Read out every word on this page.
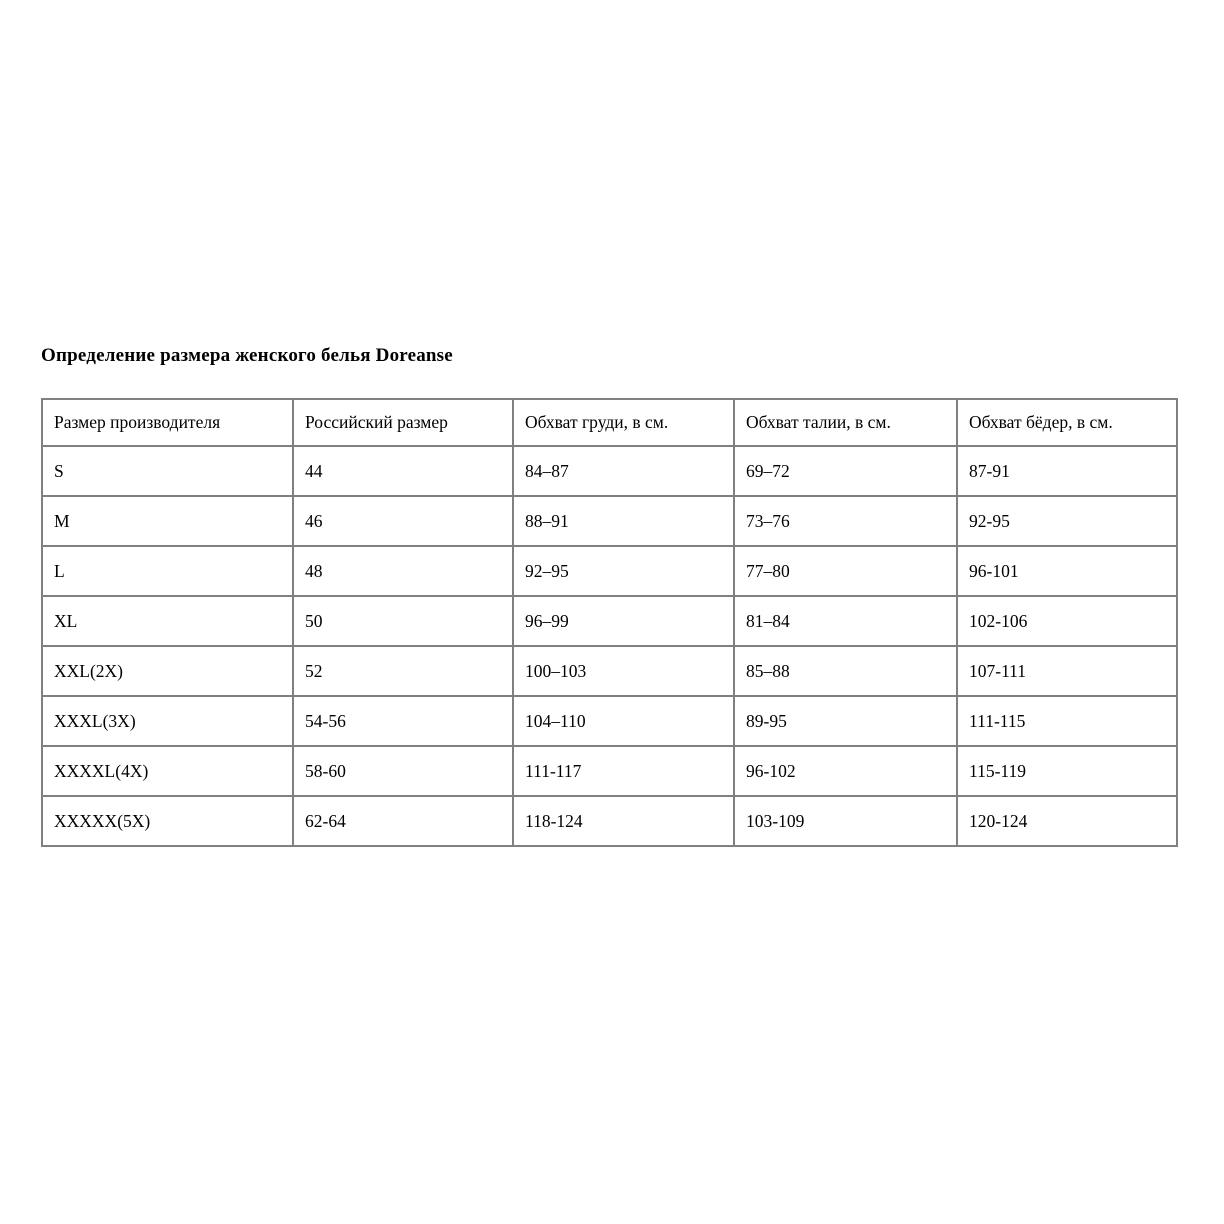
Определение размера женского белья Doreanse
Размер производителя	Российский размер	Обхват груди, в см.	Обхват талии, в см.	Обхват бёдер, в см.
S	44	84–87	69–72	87-91
M	46	88–91	73–76	92-95
L	48	92–95	77–80	96-101
XL	50	96–99	81–84	102-106
XXL(2X)	52	100–103	85–88	107-111
XXXL(3X)	54-56	104–110	89-95	111-115
XXXXL(4X)	58-60	111-117	96-102	115-119
XXXXX(5X)	62-64	118-124	103-109	120-124
